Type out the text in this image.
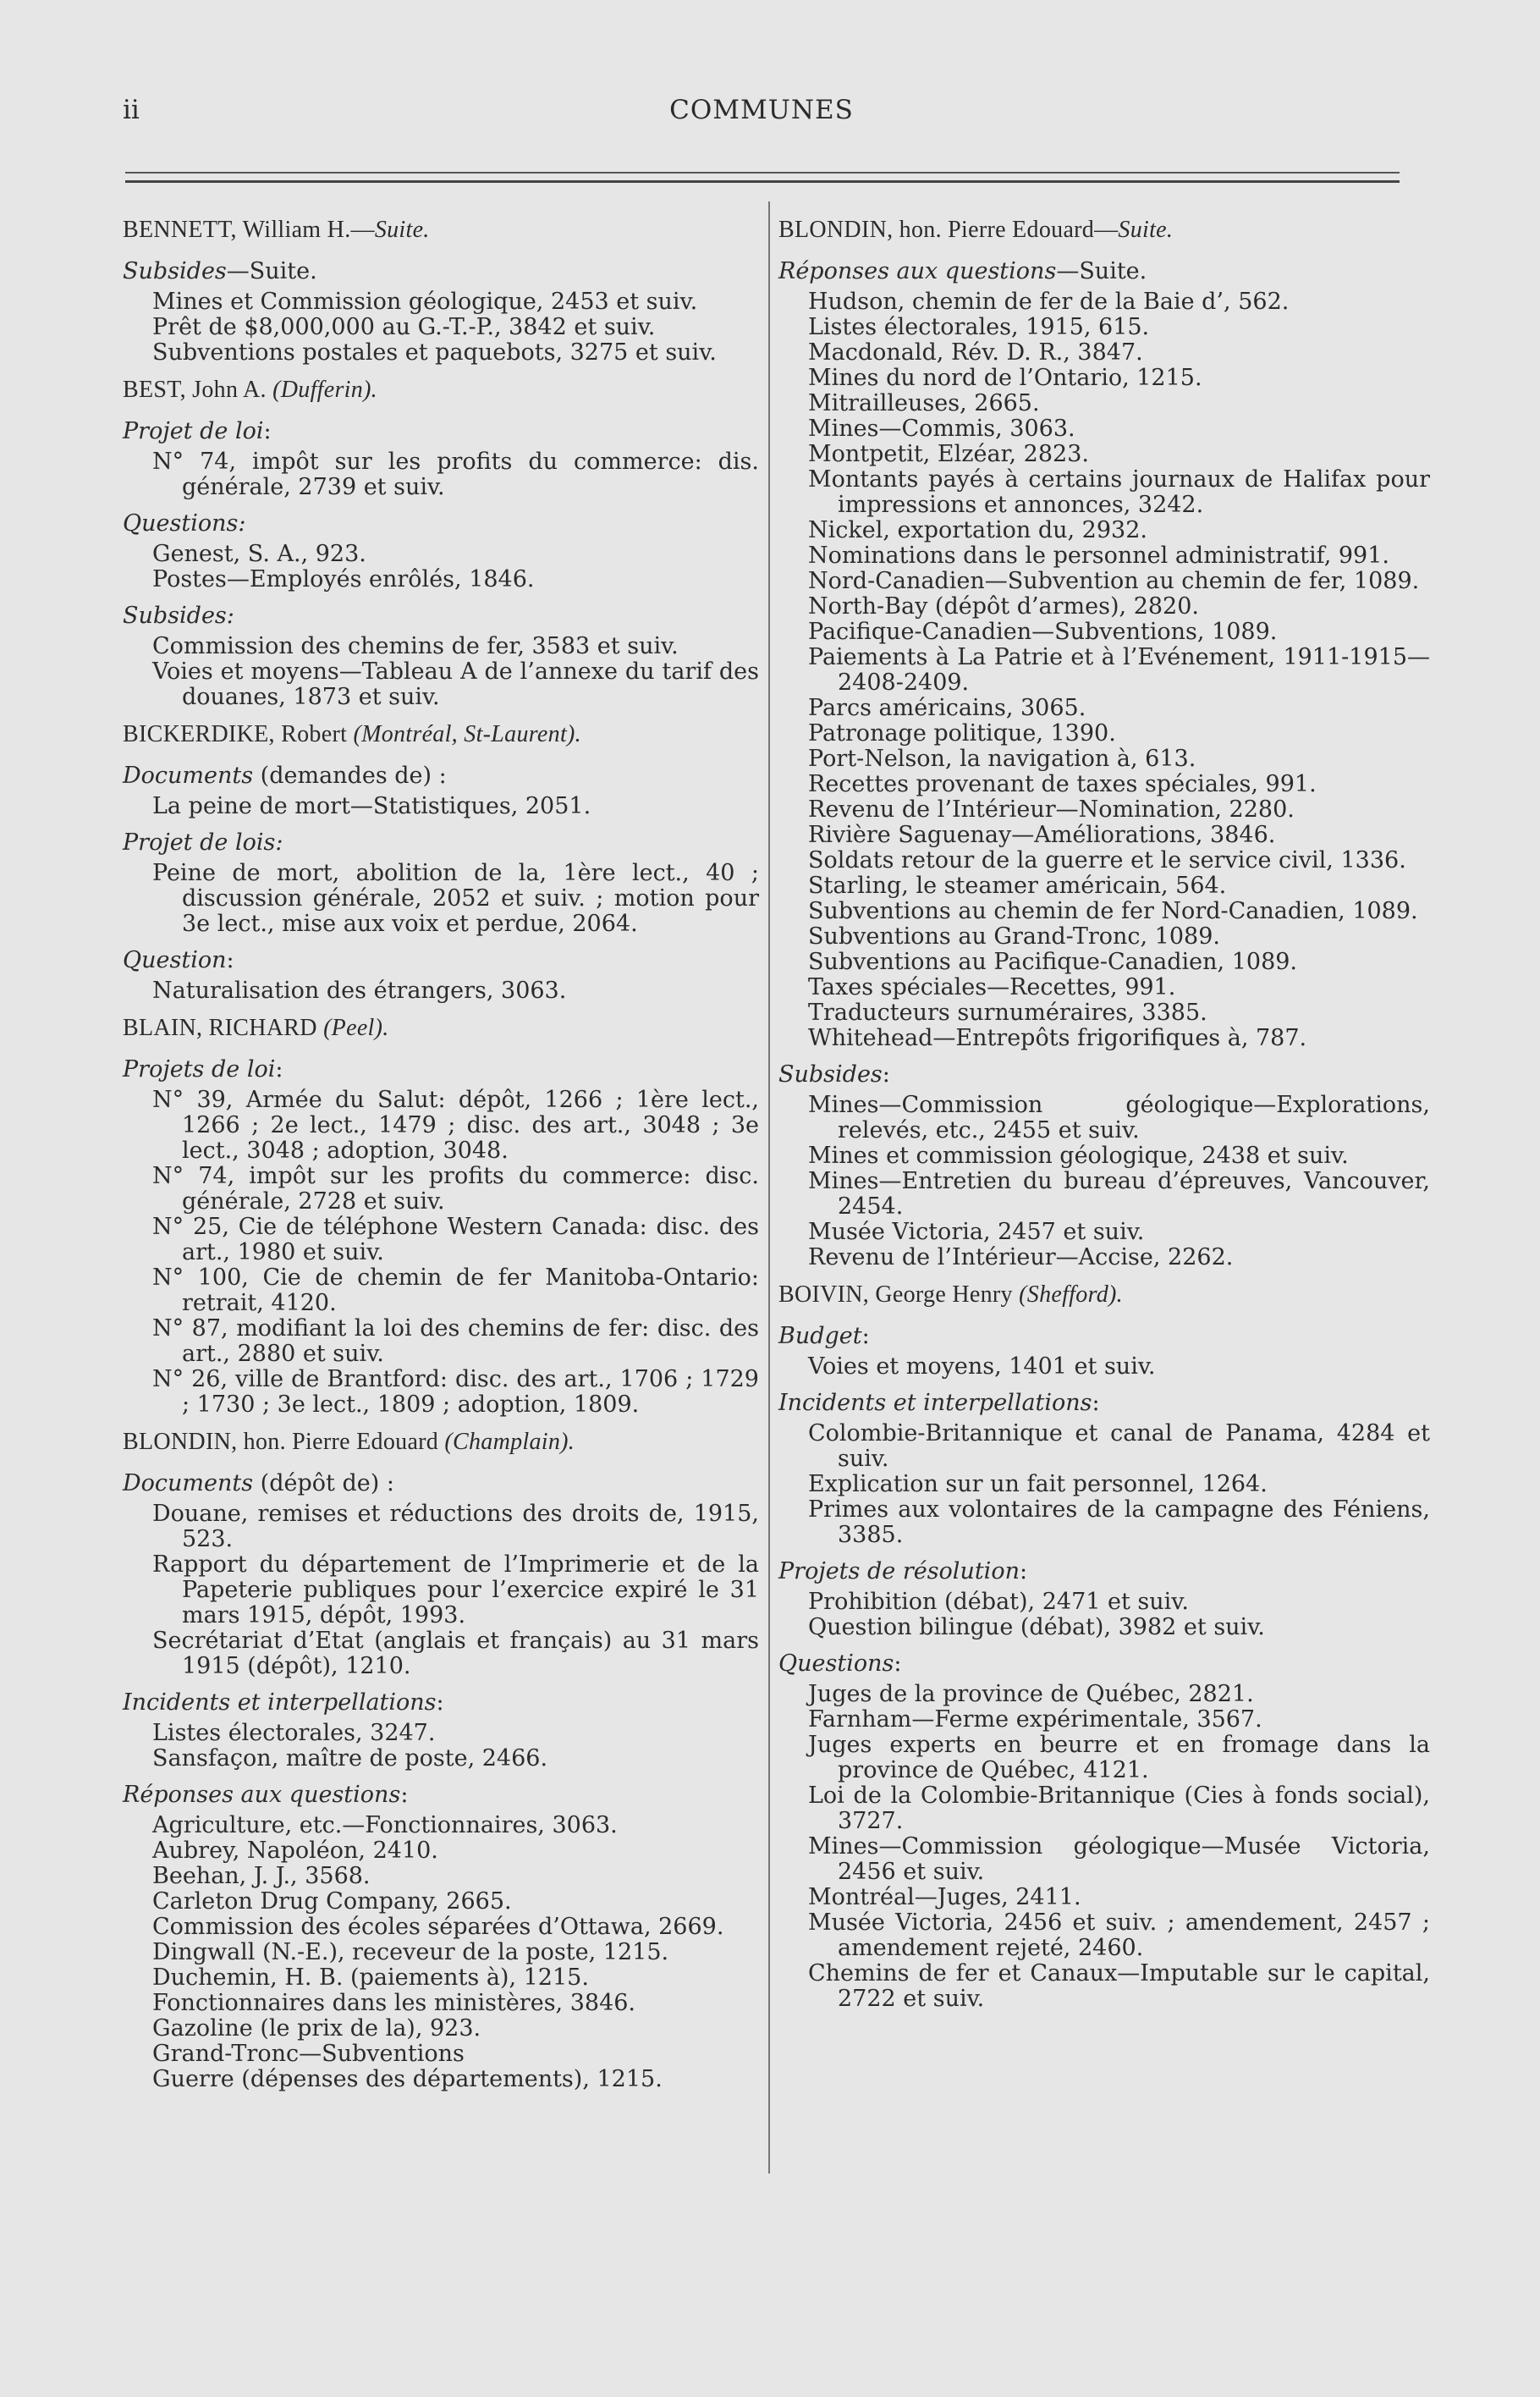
ii	COMMUNES

BENNETT, William H.—Suite.

Subsides—Suite.

Mines et Commission géologique, 2453 et suiv.
Prêt de $8,000,000 au G.-T.-P., 3842 et suiv.
Subventions postales et paquebots, 3275 et suiv.

BEST, John A. (Dufferin).

Projet de loi:

N° 74, impôt sur les profits du commerce: dis. générale, 2739 et suiv.

Questions:

Genest, S. A., 923.
Postes—Employés enrôlés, 1846.

Subsides:

Commission des chemins de fer, 3583 et suiv.
Voies et moyens—Tableau A de l’annexe du tarif des douanes, 1873 et suiv.

BICKERDIKE, Robert (Montréal, St-Laurent).

Documents (demandes de) :

La peine de mort—Statistiques, 2051.

Projet de lois:

Peine de mort, abolition de la, 1ère lect., 40 ; discussion générale, 2052 et suiv. ; motion pour 3e lect., mise aux voix et perdue, 2064.

Question:

Naturalisation des étrangers, 3063.

BLAIN, RICHARD (Peel).

Projets de loi:

N° 39, Armée du Salut: dépôt, 1266 ; 1ère lect., 1266 ; 2e lect., 1479 ; disc. des art., 3048 ; 3e lect., 3048 ; adoption, 3048.
N° 74, impôt sur les profits du commerce: disc. générale, 2728 et suiv.
N° 25, Cie de téléphone Western Canada: disc. des art., 1980 et suiv.
N° 100, Cie de chemin de fer Manitoba-Ontario: retrait, 4120.
N° 87, modifiant la loi des chemins de fer: disc. des art., 2880 et suiv.
N° 26, ville de Brantford: disc. des art., 1706 ; 1729 ; 1730 ; 3e lect., 1809 ; adoption, 1809.

BLONDIN, hon. Pierre Edouard (Champlain).

Documents (dépôt de) :

Douane, remises et réductions des droits de, 1915, 523.
Rapport du département de l’Imprimerie et de la Papeterie publiques pour l’exercice expiré le 31 mars 1915, dépôt, 1993.
Secrétariat d’Etat (anglais et français) au 31 mars 1915 (dépôt), 1210.

Incidents et interpellations:

Listes électorales, 3247.
Sansfaçon, maître de poste, 2466.

Réponses aux questions:

Agriculture, etc.—Fonctionnaires, 3063.
Aubrey, Napoléon, 2410.
Beehan, J. J., 3568.
Carleton Drug Company, 2665.
Commission des écoles séparées d’Ottawa, 2669.
Dingwall (N.-E.), receveur de la poste, 1215.
Duchemin, H. B. (paiements à), 1215.
Fonctionnaires dans les ministères, 3846.
Gazoline (le prix de la), 923.
Grand-Tronc—Subventions
Guerre (dépenses des départements), 1215.

BLONDIN, hon. Pierre Edouard—Suite.

Réponses aux questions—Suite.

Hudson, chemin de fer de la Baie d’, 562.
Listes électorales, 1915, 615.
Macdonald, Rév. D. R., 3847.
Mines du nord de l’Ontario, 1215.
Mitrailleuses, 2665.
Mines—Commis, 3063.
Montpetit, Elzéar, 2823.
Montants payés à certains journaux de Halifax pour impressions et annonces, 3242.
Nickel, exportation du, 2932.
Nominations dans le personnel administratif, 991.
Nord-Canadien—Subvention au chemin de fer, 1089.
North-Bay (dépôt d’armes), 2820.
Pacifique-Canadien—Subventions, 1089.
Paiements à La Patrie et à l’Evénement, 1911-1915—2408-2409.
Parcs américains, 3065.
Patronage politique, 1390.
Port-Nelson, la navigation à, 613.
Recettes provenant de taxes spéciales, 991.
Revenu de l’Intérieur—Nomination, 2280.
Rivière Saguenay—Améliorations, 3846.
Soldats retour de la guerre et le service civil, 1336.
Starling, le steamer américain, 564.
Subventions au chemin de fer Nord-Canadien, 1089.
Subventions au Grand-Tronc, 1089.
Subventions au Pacifique-Canadien, 1089.
Taxes spéciales—Recettes, 991.
Traducteurs surnuméraires, 3385.
Whitehead—Entrepôts frigorifiques à, 787.

Subsides:

Mines—Commission géologique—Explorations, relevés, etc., 2455 et suiv.
Mines et commission géologique, 2438 et suiv.
Mines—Entretien du bureau d’épreuves, Vancouver, 2454.
Musée Victoria, 2457 et suiv.
Revenu de l’Intérieur—Accise, 2262.

BOIVIN, George Henry (Shefford).

Budget:

Voies et moyens, 1401 et suiv.

Incidents et interpellations:

Colombie-Britannique et canal de Panama, 4284 et suiv.
Explication sur un fait personnel, 1264.
Primes aux volontaires de la campagne des Féniens, 3385.

Projets de résolution:

Prohibition (débat), 2471 et suiv.
Question bilingue (débat), 3982 et suiv.

Questions:

Juges de la province de Québec, 2821.
Farnham—Ferme expérimentale, 3567.
Juges experts en beurre et en fromage dans la province de Québec, 4121.
Loi de la Colombie-Britannique (Cies à fonds social), 3727.
Mines—Commission géologique—Musée Victoria, 2456 et suiv.
Montréal—Juges, 2411.
Musée Victoria, 2456 et suiv. ; amendement, 2457 ; amendement rejeté, 2460.
Chemins de fer et Canaux—Imputable sur le capital, 2722 et suiv.
